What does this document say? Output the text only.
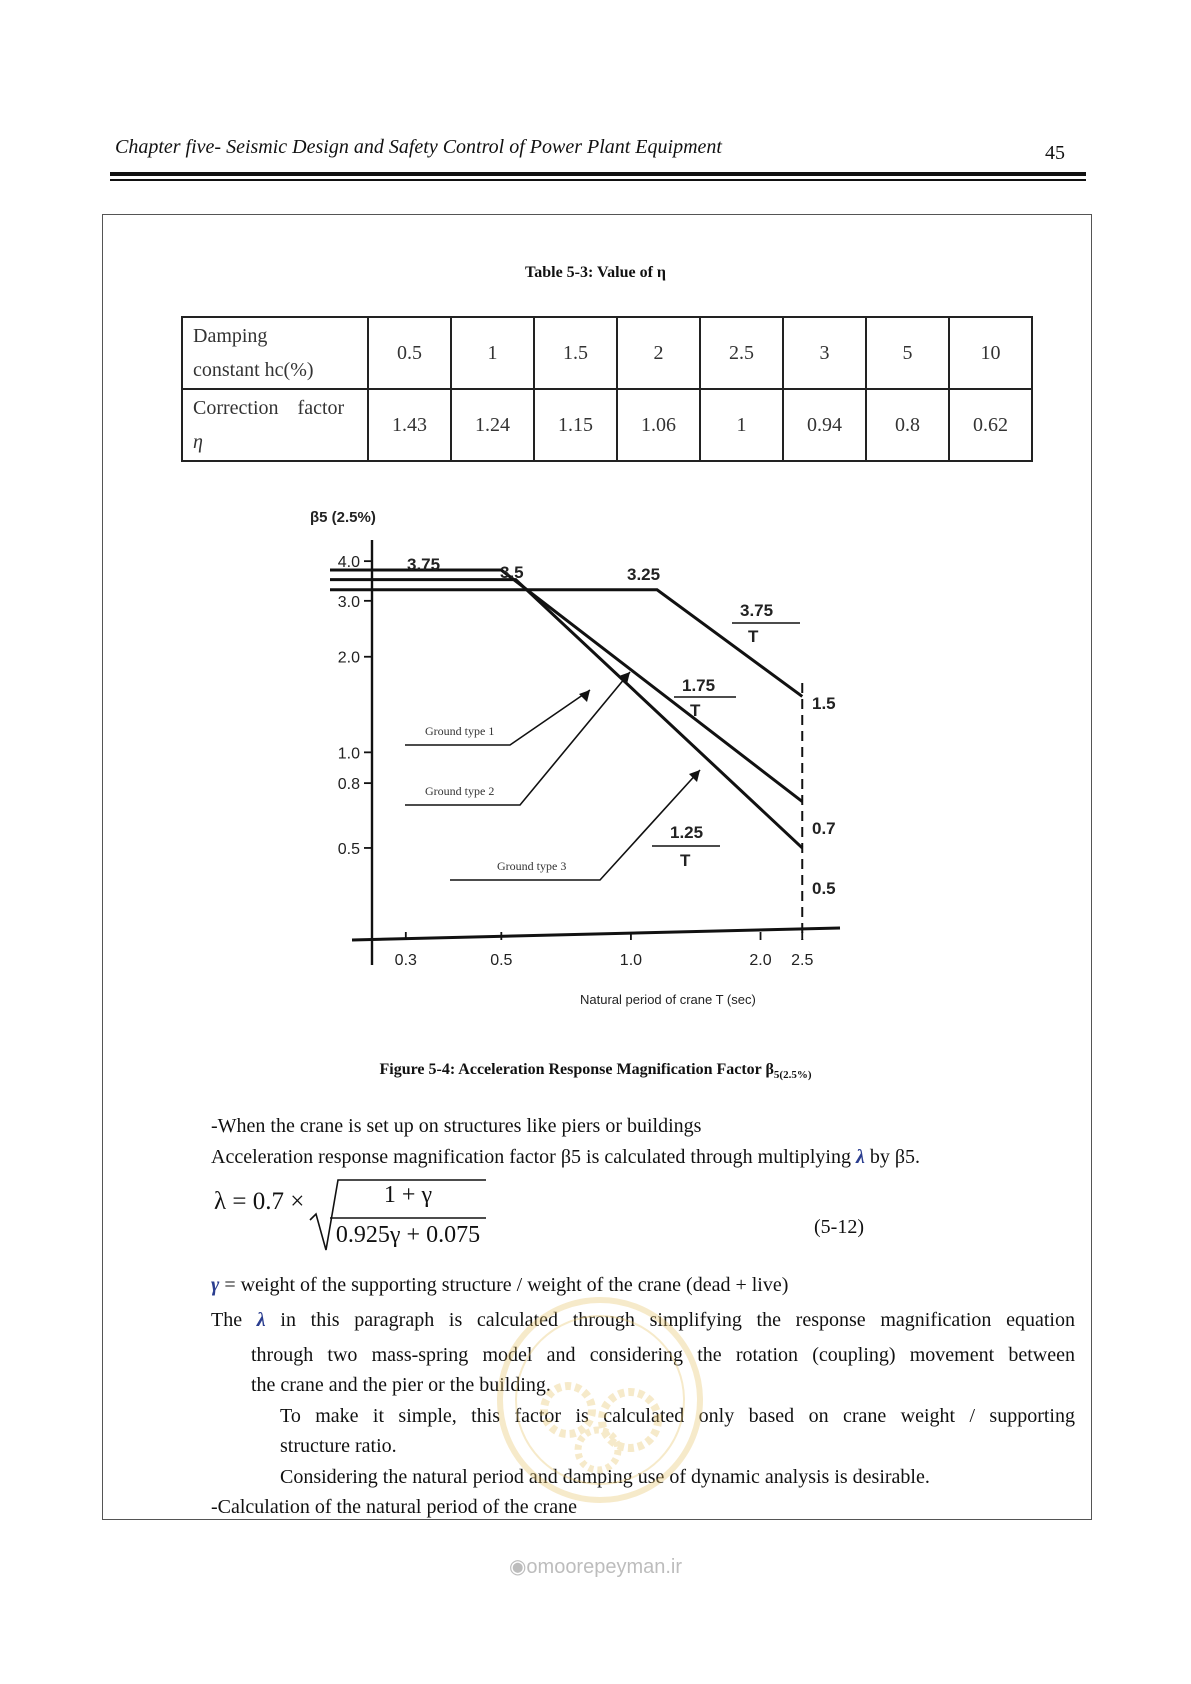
Chapter five- Seismic Design and Safety Control of Power Plant Equipment	45
Table 5-3: Value of η
Damping
constant hc(%)	0.5	1	1.5	2	2.5	3	5	10
Correction factor
η	1.43	1.24	1.15	1.06	1	0.94	0.8	0.62
4.0
3.0
2.0
1.0
0.8
0.5
0.3	0.5	1.0	2.0 2.5
Ground type 1
Ground type 2
Ground type 3
3.75	3.5	3.25
3.75
T
1.75
T
1.25
T
1.5
0.7
0.5
β5 (2.5%)
Natural period of crane T (sec)
Figure 5-4: Acceleration Response Magnification Factor $\beta_{5(2.5\%)}$
-When the crane is set up on structures like piers or buildings
Acceleration response magnification factor β5 is calculated through multiplying λ by β5.
λ = 0.7 ×	1 + γ
0.925γ + 0.075	(5-12)
γ = weight of the supporting structure / weight of the crane (dead + live)
The λ in this paragraph is calculated through simplifying the response magnification equation
through two mass-spring model and considering the rotation (coupling) movement between
the crane and the pier or the building.
To make it simple, this factor is calculated only based on crane weight / supporting
structure ratio.
Considering the natural period and damping use of dynamic analysis is desirable.
-Calculation of the natural period of the crane
◉omoorepeyman.ir
